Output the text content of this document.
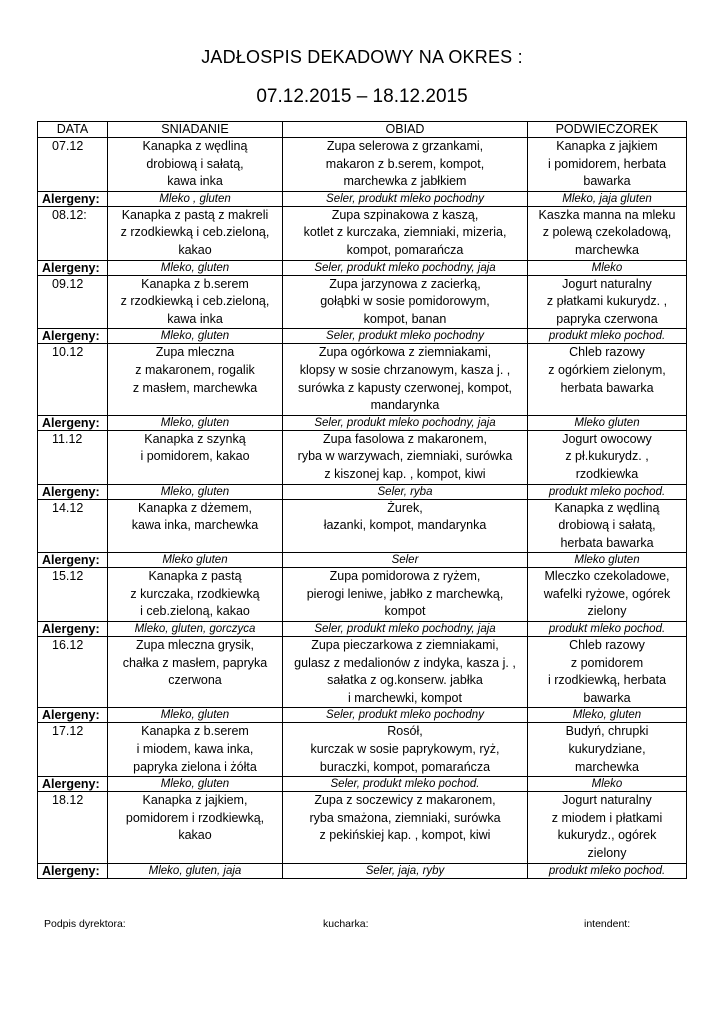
JADŁOSPIS DEKADOWY NA OKRES :
07.12.2015 – 18.12.2015
DATA	SNIADANIE	OBIAD	PODWIECZOREK
07.12	Kanapka z wędliną
drobiową i sałatą,
kawa inka	Zupa selerowa z grzankami,
makaron z b.serem, kompot,
marchewka z jabłkiem	Kanapka z jajkiem
i pomidorem, herbata
bawarka
Alergeny:	Mleko , gluten	Seler, produkt mleko pochodny	Mleko, jaja gluten
08.12:	Kanapka z pastą z makreli
z rzodkiewką i ceb.zieloną,
kakao	Zupa szpinakowa z kaszą,
kotlet z kurczaka, ziemniaki, mizeria,
kompot, pomarańcza	Kaszka manna na mleku
z polewą czekoladową,
marchewka
Alergeny:	Mleko, gluten	Seler, produkt mleko pochodny, jaja	Mleko
09.12	Kanapka z b.serem
z rzodkiewką i ceb.zieloną,
kawa inka	Zupa jarzynowa z zacierką,
gołąbki w sosie pomidorowym,
kompot, banan	Jogurt naturalny
z płatkami kukurydz. ,
papryka czerwona
Alergeny:	Mleko, gluten	Seler, produkt mleko pochodny	produkt mleko pochod.
10.12	Zupa mleczna
z makaronem, rogalik
z masłem, marchewka	Zupa ogórkowa z ziemniakami,
klopsy w sosie chrzanowym, kasza j. ,
surówka z kapusty czerwonej, kompot,
mandarynka	Chleb razowy
z ogórkiem zielonym,
herbata bawarka
Alergeny:	Mleko, gluten	Seler, produkt mleko pochodny, jaja	Mleko gluten
11.12	Kanapka z szynką
i pomidorem, kakao	Zupa fasolowa z makaronem,
ryba w warzywach, ziemniaki, surówka
z kiszonej kap. , kompot, kiwi	Jogurt owocowy
z pł.kukurydz. ,
rzodkiewka
Alergeny:	Mleko, gluten	Seler, ryba	produkt mleko pochod.
14.12	Kanapka z dżemem,
kawa inka, marchewka	Żurek,
łazanki, kompot, mandarynka	Kanapka z wędliną
drobiową i sałatą,
herbata bawarka
Alergeny:	Mleko gluten	Seler	Mleko gluten
15.12	Kanapka z pastą
z kurczaka, rzodkiewką
i ceb.zieloną, kakao	Zupa pomidorowa z ryżem,
pierogi leniwe, jabłko z marchewką,
kompot	Mleczko czekoladowe,
wafelki ryżowe, ogórek
zielony
Alergeny:	Mleko, gluten, gorczyca	Seler, produkt mleko pochodny, jaja	produkt mleko pochod.
16.12	Zupa mleczna grysik,
chałka z masłem, papryka
czerwona	Zupa pieczarkowa z ziemniakami,
gulasz z medalionów z indyka, kasza j. ,
sałatka z og.konserw. jabłka
i marchewki, kompot	Chleb razowy
z pomidorem
i rzodkiewką, herbata
bawarka
Alergeny:	Mleko, gluten	Seler, produkt mleko pochodny	Mleko, gluten
17.12	Kanapka z b.serem
i miodem, kawa inka,
papryka zielona i żółta	Rosół,
kurczak w sosie paprykowym, ryż,
buraczki, kompot, pomarańcza	Budyń, chrupki
kukurydziane,
marchewka
Alergeny:	Mleko, gluten	Seler, produkt mleko pochod.	Mleko
18.12	Kanapka z jajkiem,
pomidorem i rzodkiewką,
kakao	Zupa z soczewicy z makaronem,
ryba smażona, ziemniaki, surówka
z pekińskiej kap. , kompot, kiwi	Jogurt naturalny
z miodem i płatkami
kukurydz., ogórek
zielony
Alergeny:	Mleko, gluten, jaja	Seler, jaja, ryby	produkt mleko pochod.
Podpis dyrektora:	kucharka:	intendent:
